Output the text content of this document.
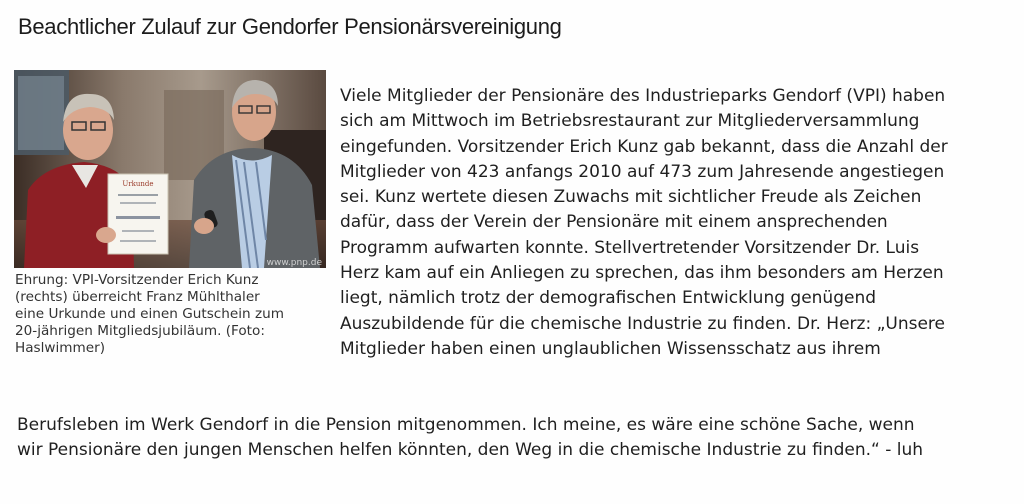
Beachtlicher Zulauf zur Gendorfer Pensionärsvereinigung
Urkunde
www.pnp.de
Ehrung: VPI-Vorsitzender Erich Kunz
(rechts) überreicht Franz Mühlthaler
eine Urkunde und einen Gutschein zum
20-jährigen Mitgliedsjubiläum. (Foto:
Haslwimmer)
Viele Mitglieder der Pensionäre des Industrieparks Gendorf (VPI) haben
sich am Mittwoch im Betriebsrestaurant zur Mitgliederversammlung
eingefunden. Vorsitzender Erich Kunz gab bekannt, dass die Anzahl der
Mitglieder von 423 anfangs 2010 auf 473 zum Jahresende angestiegen
sei. Kunz wertete diesen Zuwachs mit sichtlicher Freude als Zeichen
dafür, dass der Verein der Pensionäre mit einem ansprechenden
Programm aufwarten konnte. Stellvertretender Vorsitzender Dr. Luis
Herz kam auf ein Anliegen zu sprechen, das ihm besonders am Herzen
liegt, nämlich trotz der demografischen Entwicklung genügend
Auszubildende für die chemische Industrie zu finden. Dr. Herz: „Unsere
Mitglieder haben einen unglaublichen Wissensschatz aus ihrem
Berufsleben im Werk Gendorf in die Pension mitgenommen. Ich meine, es wäre eine schöne Sache, wenn
wir Pensionäre den jungen Menschen helfen könnten, den Weg in die chemische Industrie zu finden.“ - luh
